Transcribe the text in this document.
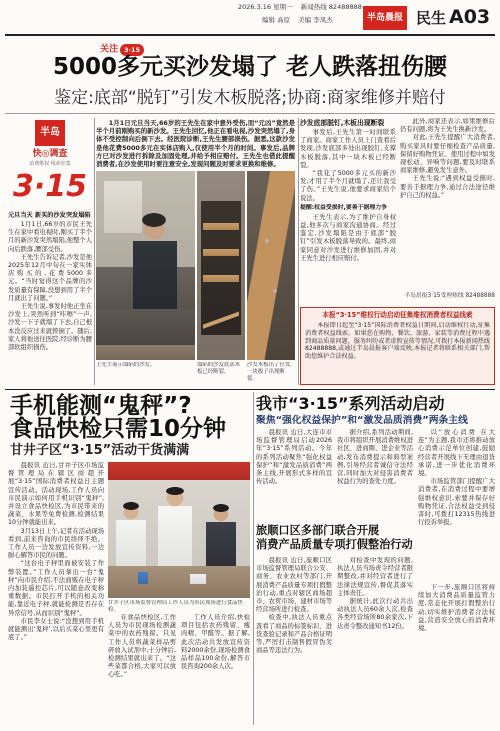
2026.3.16 星期一 新闻热线 82488888
编辑 高原 美编 李凤杰	半岛晨报 民生 A03
关注 3·15
5000多元买沙发塌了 老人跌落扭伤腰
鉴定:底部“脱钉”引发木板脱落;协商:商家维修并赔付
半岛
快◎调查
消费维权 线索征集
3·15
元旦当天 新买的沙发突发塌陷

1月1日,66岁的市民王先生在家中看电视时,刚买了半个月的新沙发突然塌陷,他整个人向后跌落,腰部受伤。

王先生告诉记者,沙发是他2025年12月中旬在一家实体店购买的,花费5000多元。“当时觉得这个品牌的沙发质量有保障,没想到用了半个月就出了问题。”

王先生说,事发时他正坐在沙发上,突然听到“咔嚓”一声,沙发一下子就塌了下去,自己根本没反应过来就摔倒了。随后,家人将他送往医院,经诊断为腰部软组织损伤。

1月1日元旦当天,66岁的王先生在家中意外受伤,而“元凶”竟然是半个月前刚购买的新沙发。王先生回忆,他正在看电视,沙发突然塌了,身体不受控制向后倒下去。经医院诊断,王先生腰部损伤。据悉,这款沙发是他花费5000多元在实体店购入,仅使用半个月的时间。事发后,品牌方已对沙发进行拆除及加固处理,并给予相应赔付。王先生也借此提醒消费者,在沙发使用时要注意安全,发现问题及时要求更换和维修。

王先生展示塌陷的沙发。	塌陷的沙发底部木板已经断裂。
沙发木板出了位置,一块板子出现断裂。
沙发底部脱钉,木板出现断裂

事发后,王先生第一时间联系了商家。商家工作人员上门查看后发现,沙发底部多处出现脱钉,支撑木板脱落,其中一块木板已经断裂。

“我花了5000多元买的新沙发,才用了半个月就塌了,还让我受了伤。”王先生说,他要求商家给个说法。

提醒:权益受损时,要善于据理力争

王先生表示,为了维护自身权益,他多次与商家沟通协商。经过鉴定,沙发塌陷是由于底部“脱钉”引发木板脱落导致的。最终,商家同意对沙发进行维修加固,并对王先生进行相应赔付。

此外,商家还表示,如果维修后仍有问题,将为王先生换新沙发。

对此,王先生提醒广大消费者,购买家具时要仔细检查产品质量,保留好购物凭证。使用过程中如发现松动、异响等问题,要及时联系商家维修,避免发生意外。

王先生说:“遇到权益受损时,要善于据理力争,通过合法途径维护自己的权益。”

半岛晨报3·15受理热线 82488888
本报“3·15”维权行动启动征集维权消费者权益线索
本报即日起至“3·15”国际消费者权益日期间,启动维权行动,征集消费者权益线索。如果您在购物、餐饮、旅游、家装等消费过程中遇到商品质量问题、服务纠纷或者虚假宣传等情况,可拨打本报新闻热线82488888,或通过半岛晨报客户端反映,本报记者将联系相关部门,帮助您维护合法权益。
手机能测“鬼秤”?
食品快检只需10分钟
甘井子区“3·15”活动干货满满

晨报讯 近日,甘井子区市场监督管理局在辖区商超开展“3·15”国际消费者权益日主题宣传活动。活动现场,工作人员向市民演示如何用手机识别“鬼秤”,并设立食品快检区,为市民带来的蔬菜、水果等免费检测,检测结果10分钟就能出来。

3月13日上午,记者在活动现场看到,前来咨询的市民络绎不绝。工作人员一边发放宣传资料,一边耐心解答市民的问题。

“这台电子秤里面被安装了作弊装置。”工作人员拿出一台“鬼秤”向市民介绍,不法商贩在电子秤内加装遥控芯片,可以随意改变称重数据。市民打开手机的相关功能,靠近电子秤,就能检测是否存在异常信号,从而识别“鬼秤”。

市民李女士说:“没想到用手机就能测出‘鬼秤’,以后买菜心里更有底了。”

甘井子区市场监督管理局工作人员为市民现场进行食品快检。

在食品快检区,工作人员为市民现场检测蔬菜中的农药残留。只见工作人员将蔬菜样品剪碎放入试剂中,十分钟后,检测结果就出来了。“这些菜都合格,大家可以放心吃。”

工作人员介绍,快检项目包括农药残留、瘦肉精、甲醛等。据了解,此次活动共发放宣传资料2000余份,现场检测食品样品100余份,解答市民咨询200余人次。

我市“3·15”系列活动启动
聚焦“强化权益保护”和“激发品质消费”两条主线

晨报讯 近日,大连市市场监督管理局启动2026年“3·15”系列活动。今年的系列活动聚焦“强化权益保护”和“激发品质消费”两条主线,开展形式多样的宣传活动。

据介绍,系列活动期间,我市将组织开展消费维权进社区、进商圈、进企业等活动,发布消费提示和典型案例,引导经营者诚信守法经营,同时加大对侵害消费者权益行为的查处力度。

以“放心消费 在大连”为主题,我市还将推动放心消费示范单位创建,鼓励经营者开展线下无理由退货承诺,进一步优化消费环境。

市场监管部门提醒广大消费者,在消费过程中要增强维权意识,索要并保存好购物凭证,合法权益受到侵害时,可拨打12315热线进行投诉举报。

旅顺口区多部门联合开展
消费产品质量专项打假整治行动

晨报讯 近日,旅顺口区市场监督管理局联合公安、商务、农业农村等部门,开展消费产品质量专项打假整治行动,重点对辖区商场超市、农贸市场、建材市场等经营场所进行检查。

检查中,执法人员重点查看了商品的标签标识、进货查验记录和产品合格证明等,严厉打击制售假冒伪劣商品等违法行为。

对检查中发现的问题,执法人员当场责令经营者限期整改,并对经营者进行了法律法规宣传,督促其落实主体责任。

据统计,此次行动共出动执法人员60余人次,检查各类经营场所80余家次,下达责令整改通知书12份。

下一步,旅顺口区将持续加大消费品质量监管力度,常态化开展打假整治行动,切实维护消费者合法权益,营造安全放心的消费环境。
